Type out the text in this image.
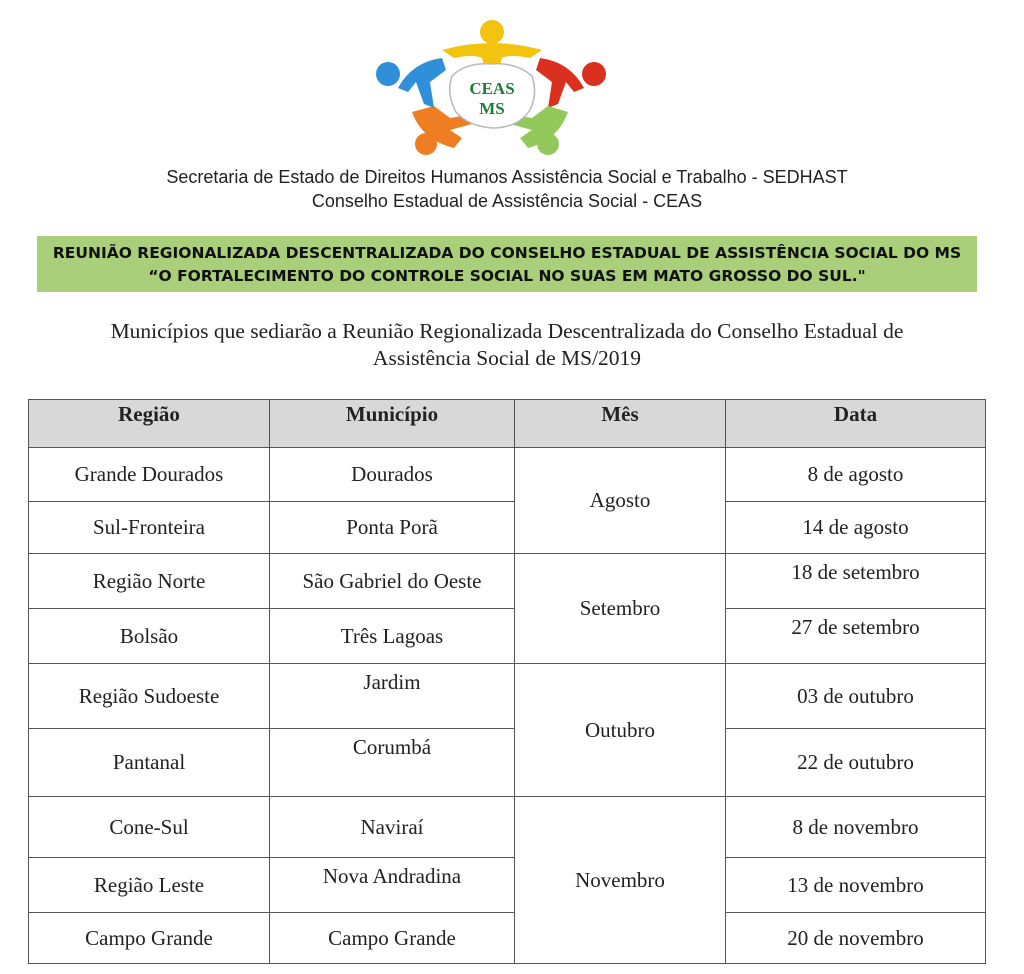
CEAS
MS
Secretaria de Estado de Direitos Humanos Assistência Social e Trabalho - SEDHAST
Conselho Estadual de Assistência Social - CEAS
REUNIÃO REGIONALIZADA DESCENTRALIZADA DO CONSELHO ESTADUAL DE ASSISTÊNCIA SOCIAL DO MS
“O FORTALECIMENTO DO CONTROLE SOCIAL NO SUAS EM MATO GROSSO DO SUL."
Municípios que sediarão a Reunião Regionalizada Descentralizada do Conselho Estadual de
Assistência Social de MS/2019
Região	Município	Mês	Data
Grande Dourados	Dourados	Agosto	8 de agosto
Sul-Fronteira	Ponta Porã		14 de agosto
Região Norte	São Gabriel do Oeste	Setembro	18 de setembro
Bolsão	Três Lagoas		27 de setembro
Região Sudoeste	Jardim	Outubro	03 de outubro
Pantanal	Corumbá		22 de outubro
Cone-Sul	Naviraí	Novembro	8 de novembro
Região Leste	Nova Andradina		13 de novembro
Campo Grande	Campo Grande		20 de novembro
